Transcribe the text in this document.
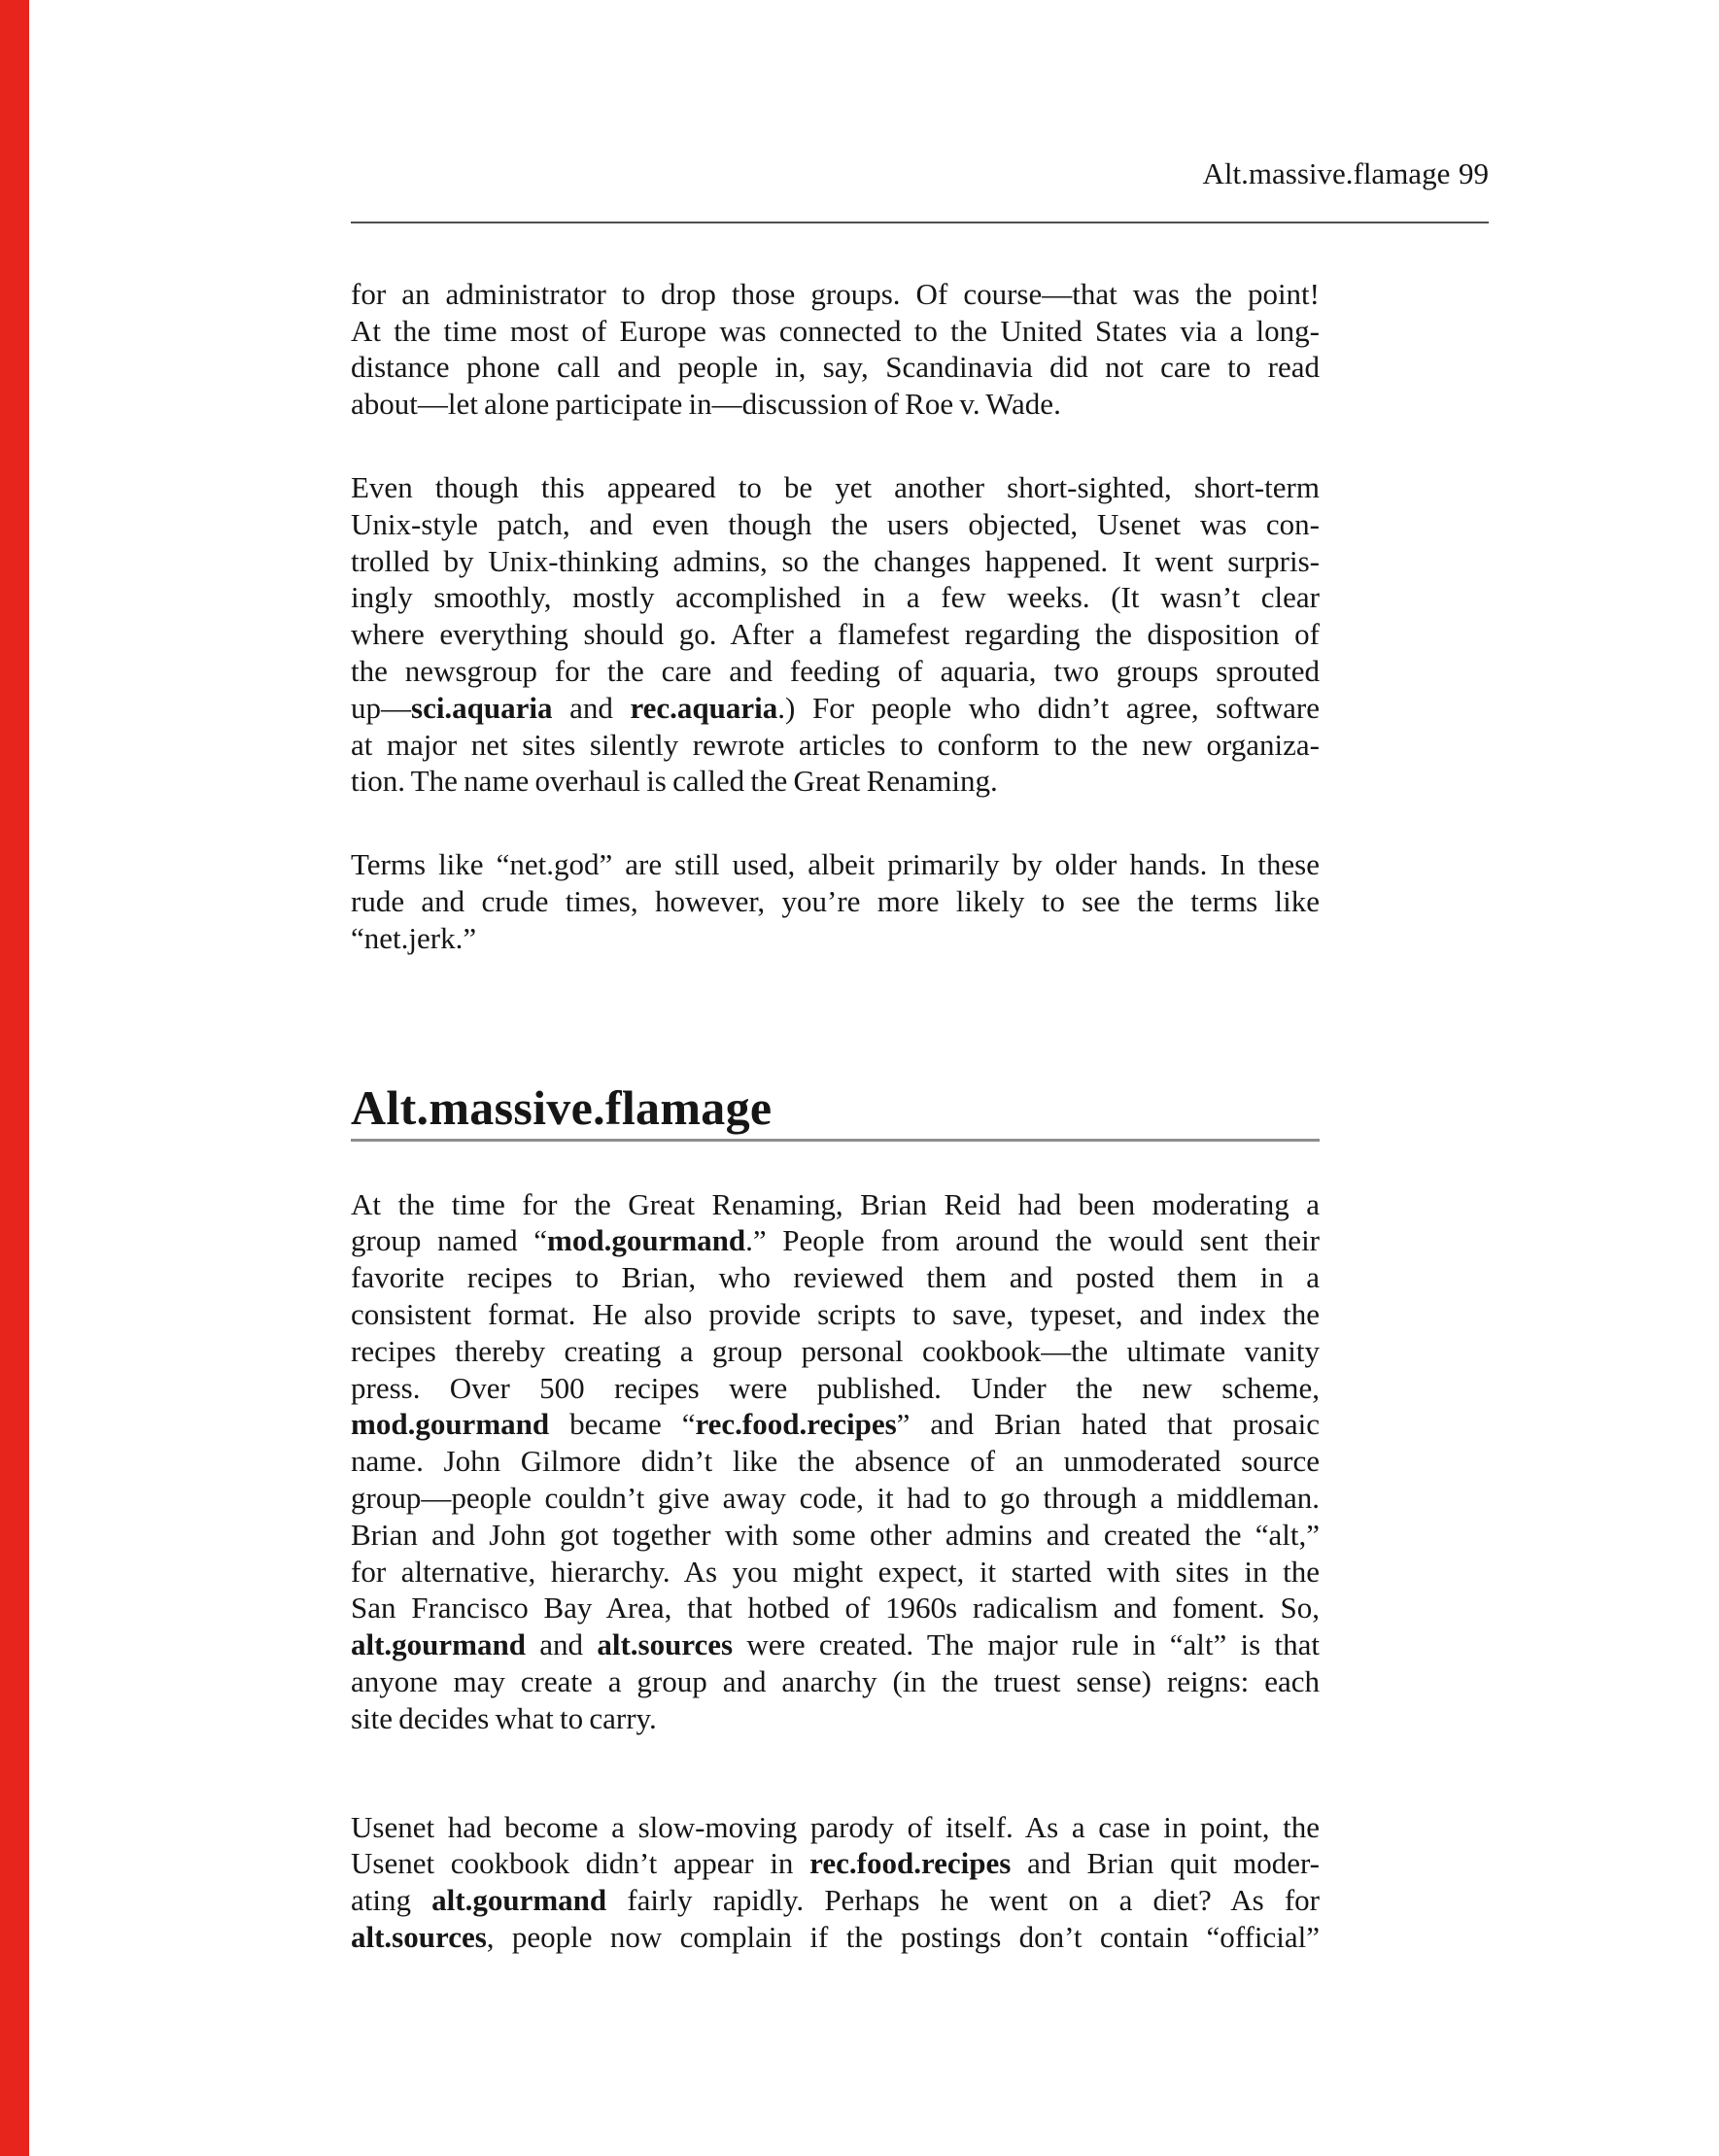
Alt.massive.flamage 99
for an administrator to drop those groups. Of course—that was the point!
At the time most of Europe was connected to the United States via a long-
distance phone call and people in, say, Scandinavia did not care to read
about—let alone participate in—discussion of Roe v. Wade.
Even though this appeared to be yet another short-sighted, short-term
Unix-style patch, and even though the users objected, Usenet was con-
trolled by Unix-thinking admins, so the changes happened. It went surpris-
ingly smoothly, mostly accomplished in a few weeks. (It wasn’t clear
where everything should go. After a flamefest regarding the disposition of
the newsgroup for the care and feeding of aquaria, two groups sprouted
up—sci.aquaria and rec.aquaria.) For people who didn’t agree, software
at major net sites silently rewrote articles to conform to the new organiza-
tion. The name overhaul is called the Great Renaming.
Terms like “net.god” are still used, albeit primarily by older hands. In these
rude and crude times, however, you’re more likely to see the terms like
“net.jerk.”
Alt.massive.flamage
At the time for the Great Renaming, Brian Reid had been moderating a
group named “mod.gourmand.” People from around the would sent their
favorite recipes to Brian, who reviewed them and posted them in a
consistent format. He also provide scripts to save, typeset, and index the
recipes thereby creating a group personal cookbook—the ultimate vanity
press. Over 500 recipes were published. Under the new scheme,
mod.gourmand became “rec.food.recipes” and Brian hated that prosaic
name. John Gilmore didn’t like the absence of an unmoderated source
group—people couldn’t give away code, it had to go through a middleman.
Brian and John got together with some other admins and created the “alt,”
for alternative, hierarchy. As you might expect, it started with sites in the
San Francisco Bay Area, that hotbed of 1960s radicalism and foment. So,
alt.gourmand and alt.sources were created. The major rule in “alt” is that
anyone may create a group and anarchy (in the truest sense) reigns: each
site decides what to carry.
Usenet had become a slow-moving parody of itself. As a case in point, the
Usenet cookbook didn’t appear in rec.food.recipes and Brian quit moder-
ating alt.gourmand fairly rapidly. Perhaps he went on a diet? As for
alt.sources, people now complain if the postings don’t contain “official”
